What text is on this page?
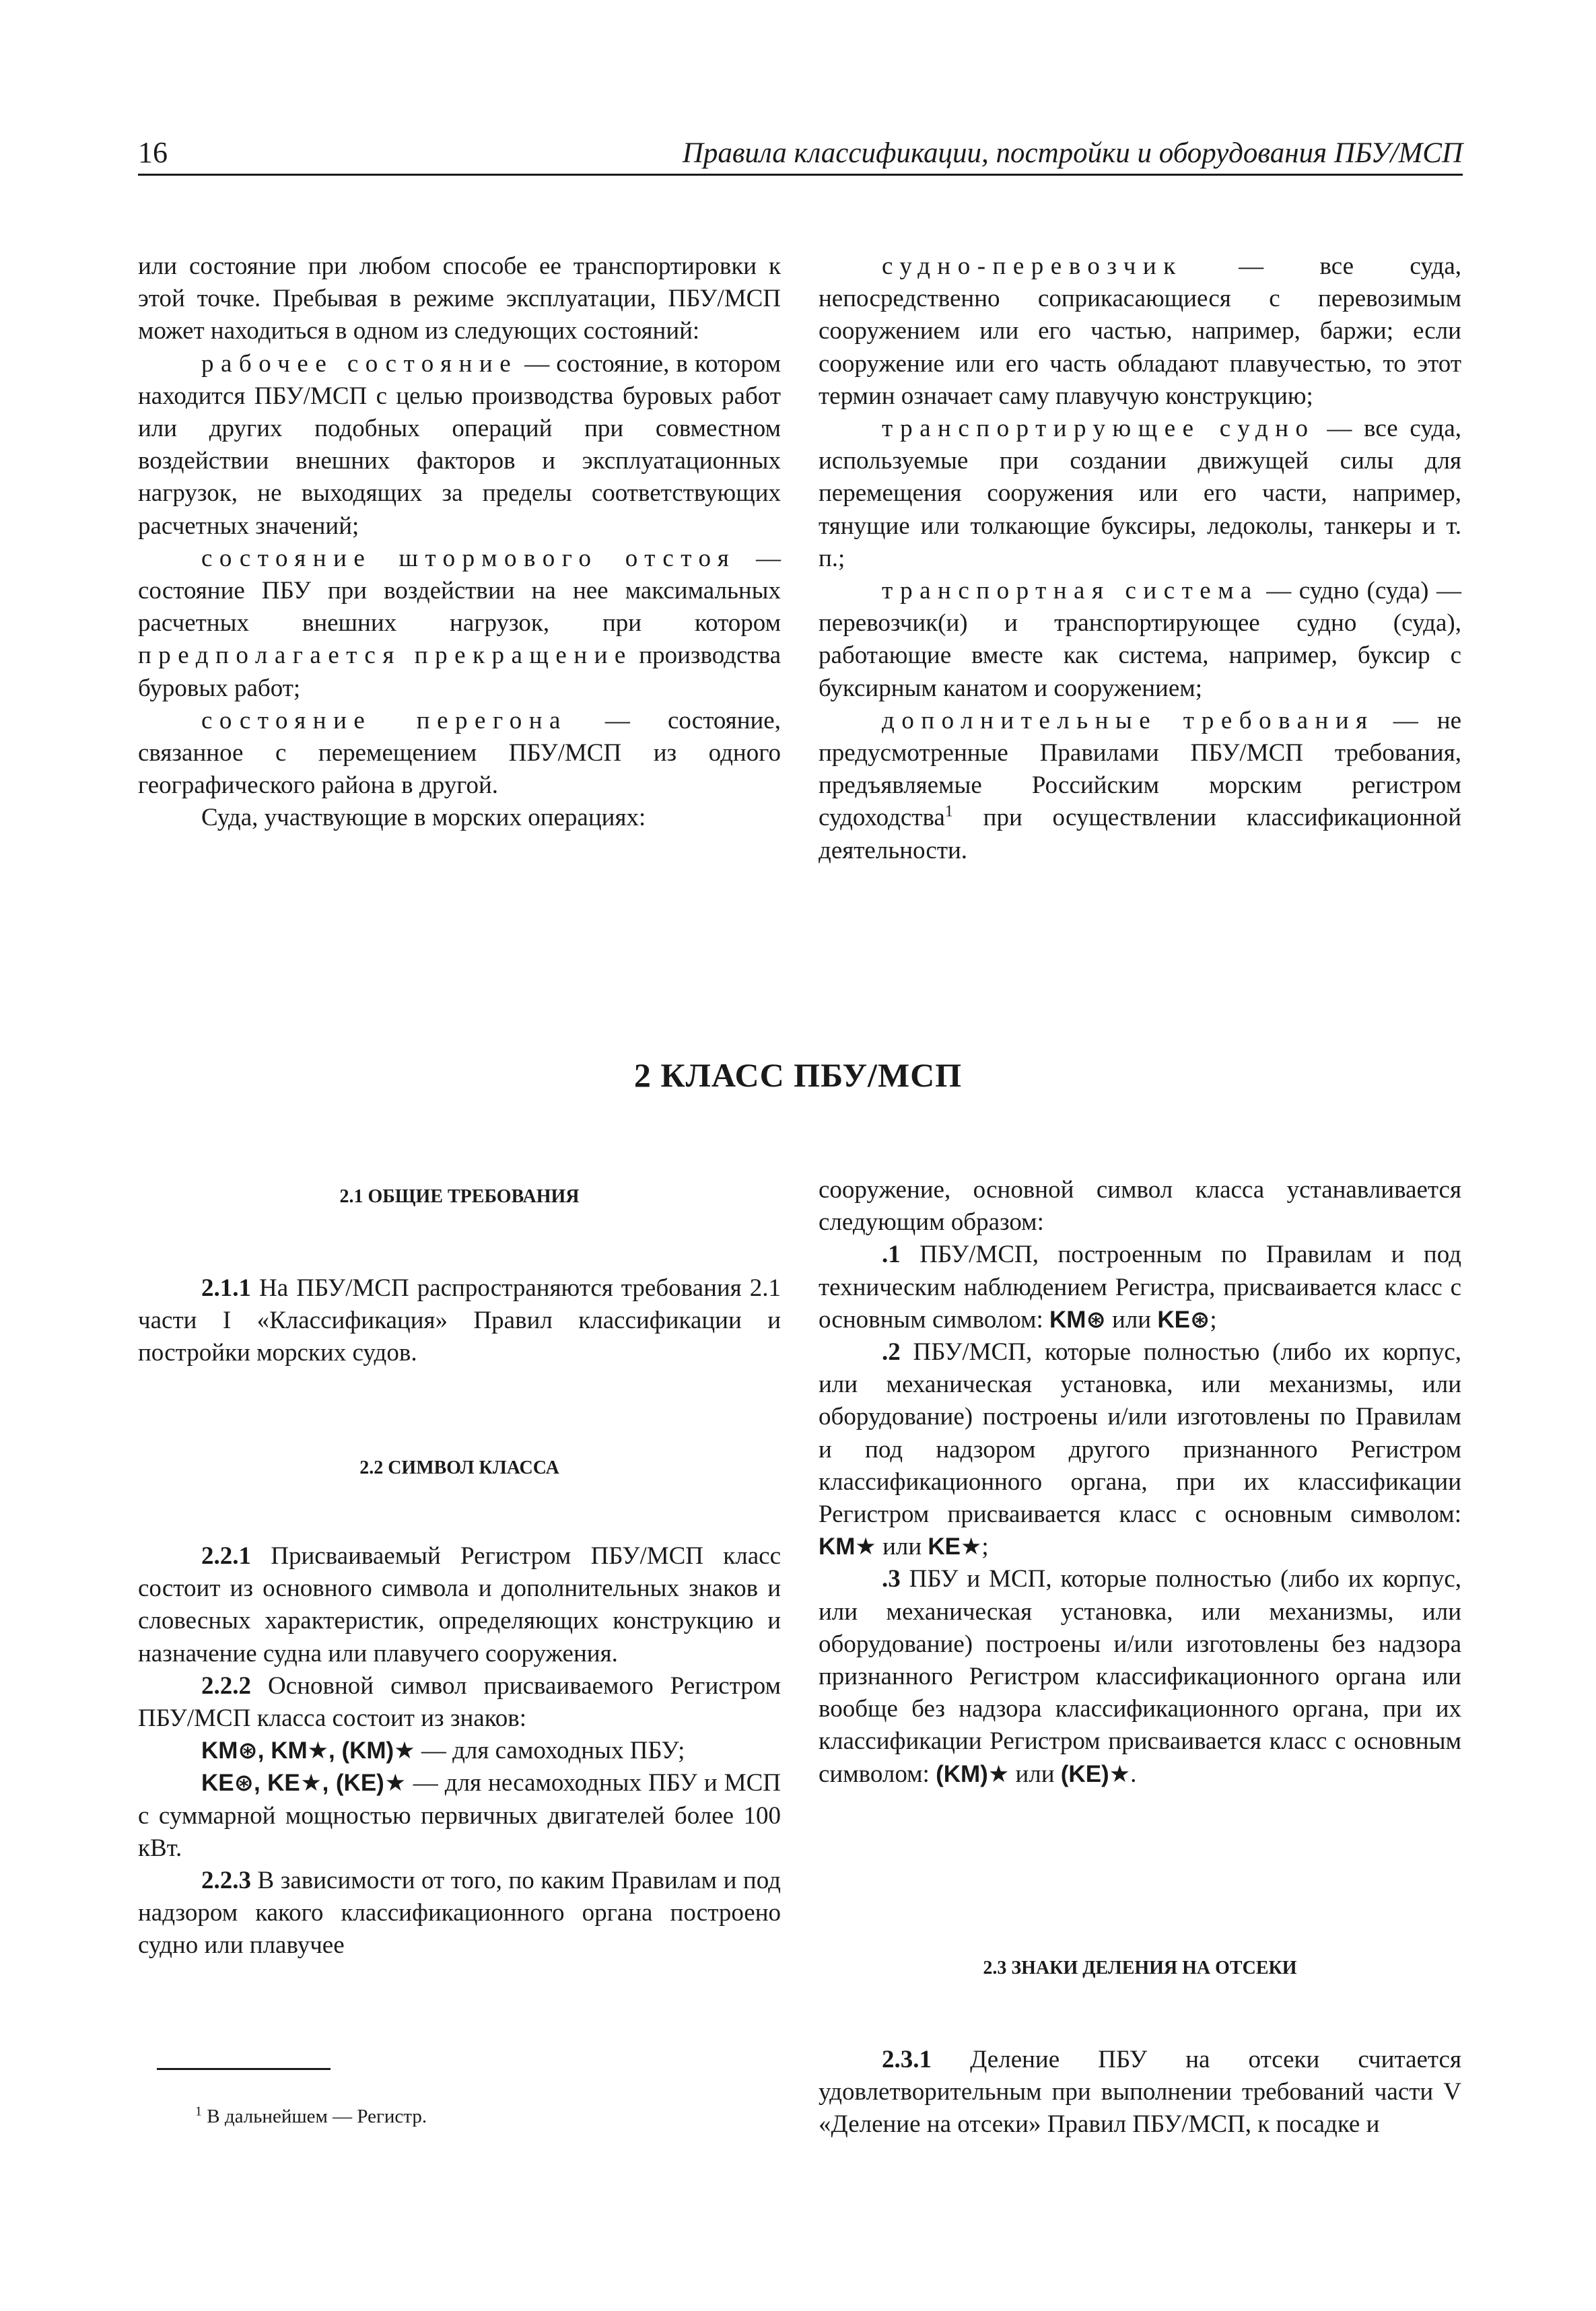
16	Правила классификации, постройки и оборудования ПБУ/МСП

или состояние при любом способе ее транспортировки к этой точке. Пребывая в режиме эксплуатации, ПБУ/МСП может находиться в одном из следующих состояний:

рабочее состояние — состояние, в котором находится ПБУ/МСП с целью производства буровых работ или других подобных операций при совместном воздействии внешних факторов и эксплуатационных нагрузок, не выходящих за пределы соответствующих расчетных значений;

состояние штормового отстоя — состояние ПБУ при воздействии на нее максимальных расчетных внешних нагрузок, при котором предполагается прекращение производства буровых работ;

состояние перегона — состояние, связанное с перемещением ПБУ/МСП из одного географического района в другой.

Суда, участвующие в морских операциях:

судно-перевозчик — все суда, непосредственно соприкасающиеся с перевозимым сооружением или его частью, например, баржи; если сооружение или его часть обладают плавучестью, то этот термин означает саму плавучую конструкцию;

транспортирующее судно — все суда, используемые при создании движущей силы для перемещения сооружения или его части, например, тянущие или толкающие буксиры, ледоколы, танкеры и т. п.;

транспортная система — судно (суда) — перевозчик(и) и транспортирующее судно (суда), работающие вместе как система, например, буксир с буксирным канатом и сооружением;

дополнительные требования — не предусмотренные Правилами ПБУ/МСП требования, предъявляемые Российским морским регистром судоходства$^1$ при осуществлении классификационной деятельности.

2 КЛАСС ПБУ/МСП
2.1 ОБЩИЕ ТРЕБОВАНИЯ

2.1.1 На ПБУ/МСП распространяются требования 2.1 части I «Классификация» Правил классификации и постройки морских судов.

2.2 СИМВОЛ КЛАССА

2.2.1 Присваиваемый Регистром ПБУ/МСП класс состоит из основного символа и дополнительных знаков и словесных характеристик, определяющих конструкцию и назначение судна или плавучего сооружения.

2.2.2 Основной символ присваиваемого Регистром ПБУ/МСП класса состоит из знаков:

KM⊛, KM★, (KM)★ — для самоходных ПБУ;

KE⊛, KE★, (KE)★ — для несамоходных ПБУ и МСП с суммарной мощностью первичных двигателей более 100 кВт.

2.2.3 В зависимости от того, по каким Правилам и под надзором какого классификационного органа построено судно или плавучее

сооружение, основной символ класса устанавливается следующим образом:

.1 ПБУ/МСП, построенным по Правилам и под техническим наблюдением Регистра, присваивается класс с основным символом: KM⊛ или KE⊛;

.2 ПБУ/МСП, которые полностью (либо их корпус, или механическая установка, или механизмы, или оборудование) построены и/или изготовлены по Правилам и под надзором другого признанного Регистром классификационного органа, при их классификации Регистром присваивается класс с основным символом: KM★ или KE★;

.3 ПБУ и МСП, которые полностью (либо их корпус, или механическая установка, или механизмы, или оборудование) построены и/или изготовлены без надзора признанного Регистром классификационного органа или вообще без надзора классификационного органа, при их классификации Регистром присваивается класс с основным символом: (KM)★ или (KE)★.

2.3 ЗНАКИ ДЕЛЕНИЯ НА ОТСЕКИ

2.3.1 Деление ПБУ на отсеки считается удовлетворительным при выполнении требований части V «Деление на отсеки» Правил ПБУ/МСП, к посадке и

$^1$ В дальнейшем — Регистр.
